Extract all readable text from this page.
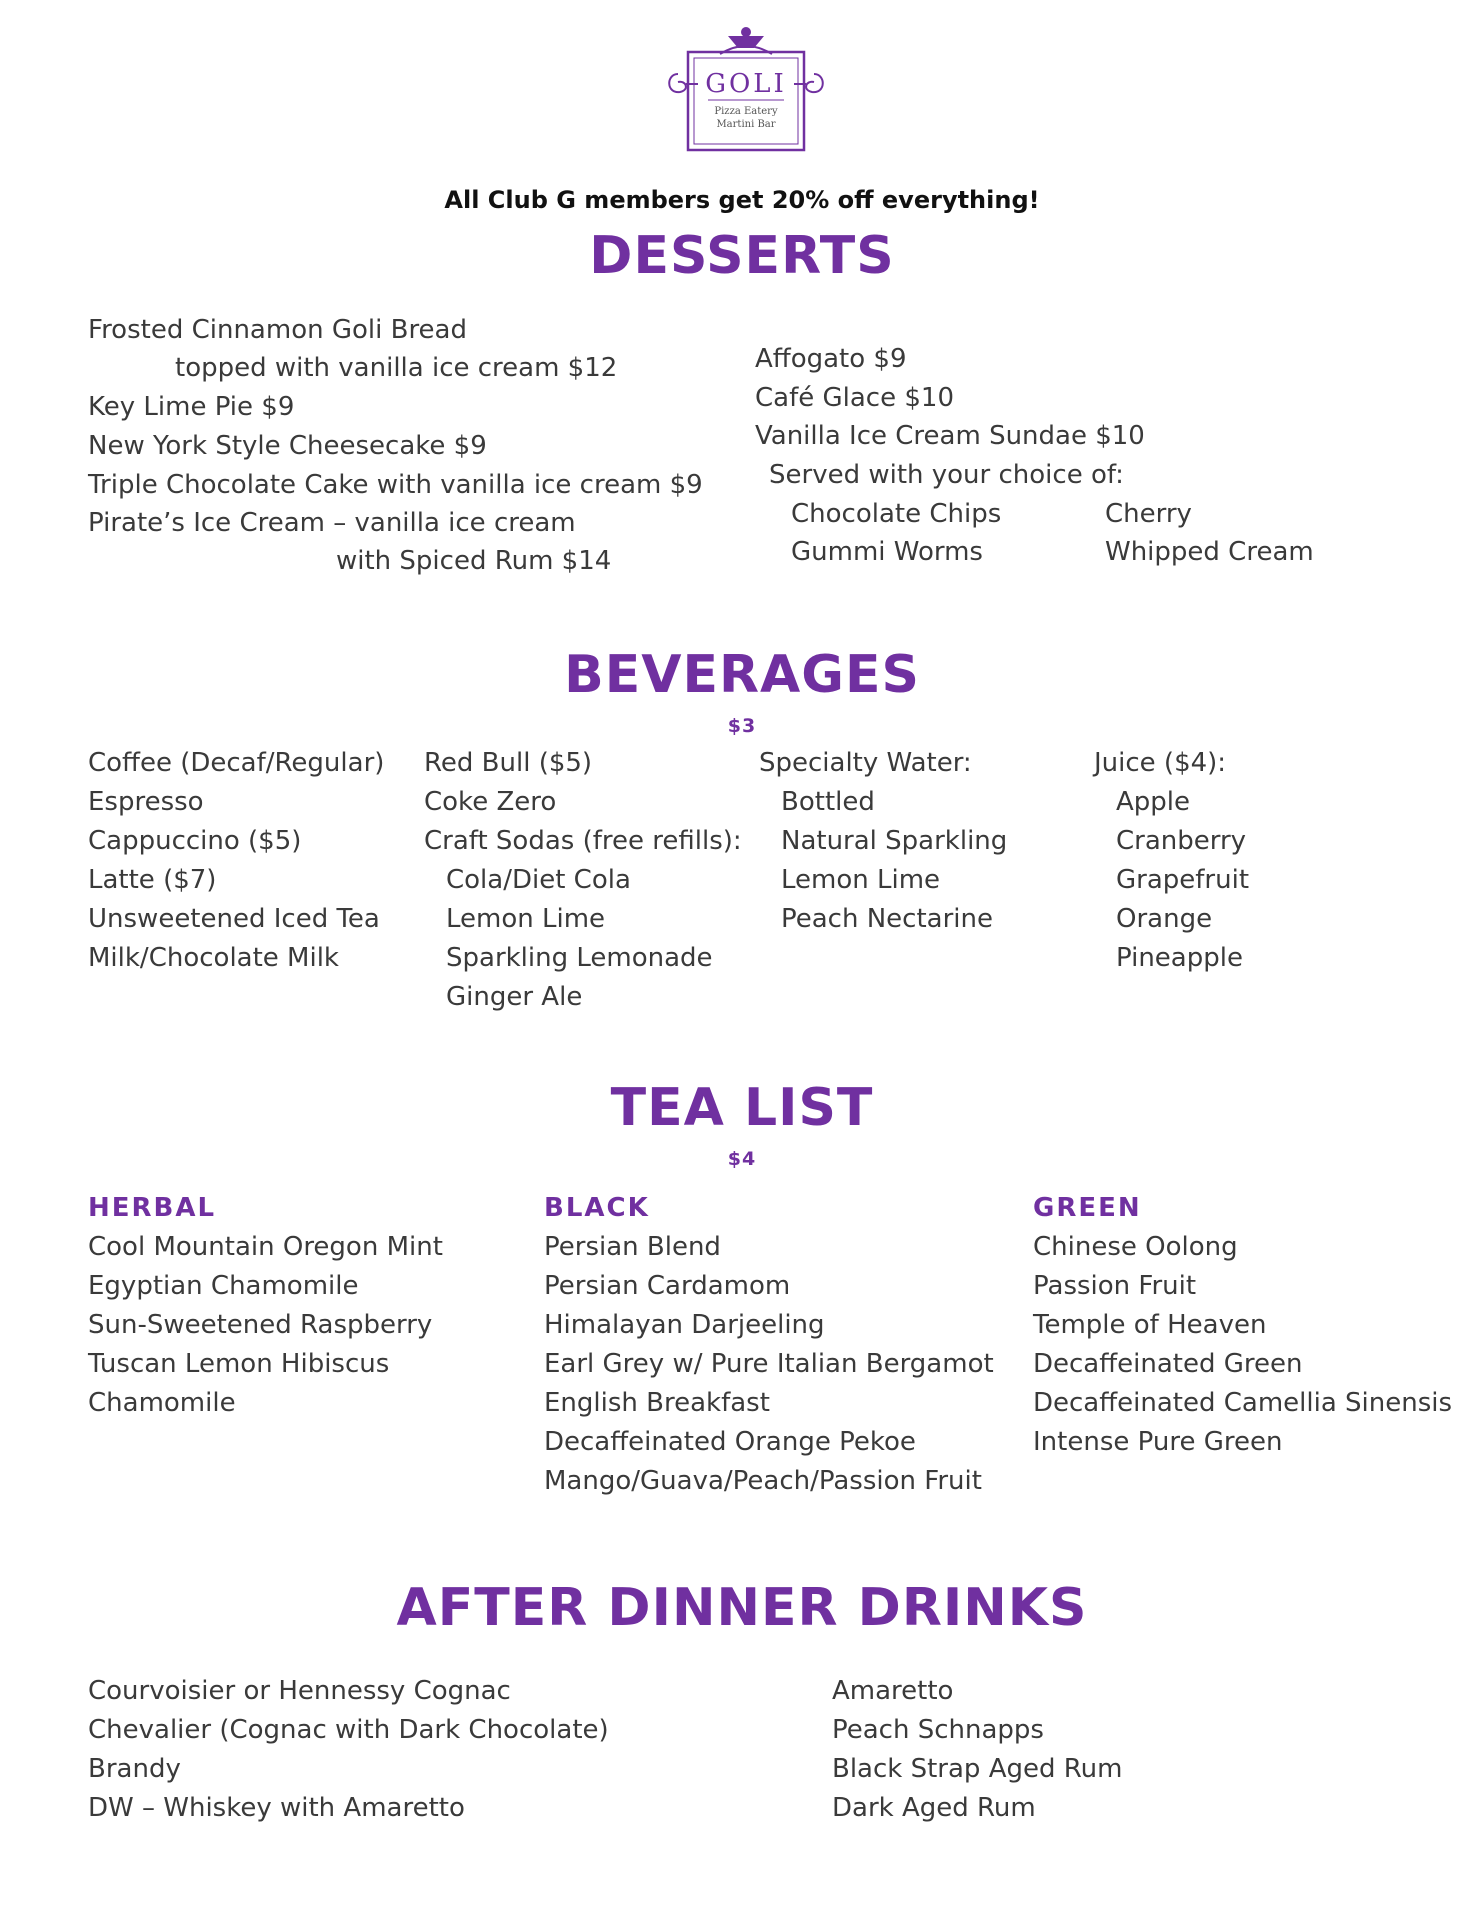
GOLI
Pizza Eatery
Martini Bar
All Club G members get 20% off everything!
DESSERTS
Frosted Cinnamon Goli Bread
topped with vanilla ice cream $12
Key Lime Pie $9
New York Style Cheesecake $9
Triple Chocolate Cake with vanilla ice cream $9
Pirate’s Ice Cream – vanilla ice cream
with Spiced Rum $14
Affogato $9
Café Glace $10
Vanilla Ice Cream Sundae $10
Served with your choice of:
Chocolate Chips
Gummi Worms
Cherry
Whipped Cream
BEVERAGES
$3
Coffee (Decaf/Regular)
Espresso
Cappuccino ($5)
Latte ($7)
Unsweetened Iced Tea
Milk/Chocolate Milk
Red Bull ($5)
Coke Zero
Craft Sodas (free refills):
Cola/Diet Cola
Lemon Lime
Sparkling Lemonade
Ginger Ale
Specialty Water:
Bottled
Natural Sparkling
Lemon Lime
Peach Nectarine
Juice ($4):
Apple
Cranberry
Grapefruit
Orange
Pineapple
TEA LIST
$4
HERBAL
Cool Mountain Oregon Mint
Egyptian Chamomile
Sun-Sweetened Raspberry
Tuscan Lemon Hibiscus
Chamomile
BLACK
Persian Blend
Persian Cardamom
Himalayan Darjeeling
Earl Grey w/ Pure Italian Bergamot
English Breakfast
Decaffeinated Orange Pekoe
Mango/Guava/Peach/Passion Fruit
GREEN
Chinese Oolong
Passion Fruit
Temple of Heaven
Decaffeinated Green
Decaffeinated Camellia Sinensis
Intense Pure Green
AFTER DINNER DRINKS
Courvoisier or Hennessy Cognac
Chevalier (Cognac with Dark Chocolate)
Brandy
DW – Whiskey with Amaretto
Amaretto
Peach Schnapps
Black Strap Aged Rum
Dark Aged Rum
